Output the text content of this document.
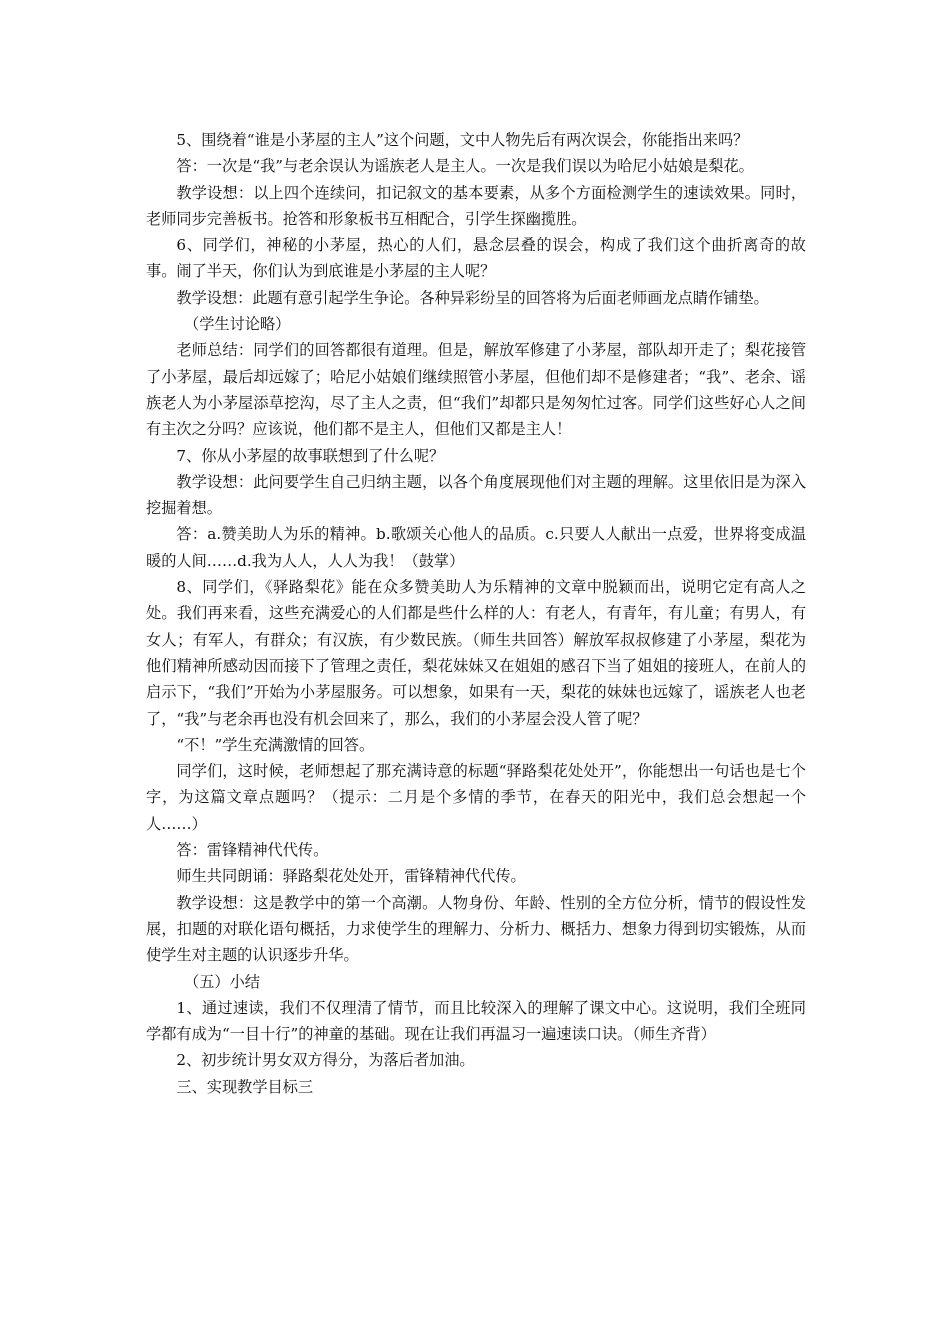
5、围绕着“谁是小茅屋的主人”这个问题，文中人物先后有两次误会，你能指出来吗？

答：一次是“我”与老余误认为谣族老人是主人。一次是我们误以为哈尼小姑娘是梨花。

教学设想：以上四个连续问，扣记叙文的基本要素，从多个方面检测学生的速读效果。同时，老师同步完善板书。抢答和形象板书互相配合，引学生探幽揽胜。

6、同学们，神秘的小茅屋，热心的人们，悬念层叠的误会，构成了我们这个曲折离奇的故事。闹了半天，你们认为到底谁是小茅屋的主人呢？

教学设想：此题有意引起学生争论。各种异彩纷呈的回答将为后面老师画龙点睛作铺垫。

（学生讨论略）

老师总结：同学们的回答都很有道理。但是，解放军修建了小茅屋，部队却开走了；梨花接管了小茅屋，最后却远嫁了；哈尼小姑娘们继续照管小茅屋，但他们却不是修建者；“我”、老余、谣族老人为小茅屋添草挖沟，尽了主人之责，但“我们”却都只是匆匆忙过客。同学们这些好心人之间有主次之分吗？应该说，他们都不是主人，但他们又都是主人！

7、你从小茅屋的故事联想到了什么呢？

教学设想：此问要学生自己归纳主题，以各个角度展现他们对主题的理解。这里依旧是为深入挖掘着想。

答：a.赞美助人为乐的精神。b.歌颂关心他人的品质。c.只要人人献出一点爱，世界将变成温暖的人间……d.我为人人，人人为我！（鼓掌）

8、同学们，《驿路梨花》能在众多赞美助人为乐精神的文章中脱颖而出，说明它定有高人之处。我们再来看，这些充满爱心的人们都是些什么样的人：有老人，有青年，有儿童；有男人，有女人；有军人，有群众；有汉族，有少数民族。（师生共回答）解放军叔叔修建了小茅屋，梨花为他们精神所感动因而接下了管理之责任，梨花妹妹又在姐姐的感召下当了姐姐的接班人，在前人的启示下，“我们”开始为小茅屋服务。可以想象，如果有一天，梨花的妹妹也远嫁了，谣族老人也老了，“我”与老余再也没有机会回来了，那么，我们的小茅屋会没人管了呢？

“不！”学生充满激情的回答。

同学们，这时候，老师想起了那充满诗意的标题“驿路梨花处处开”，你能想出一句话也是七个字，为这篇文章点题吗？（提示：二月是个多情的季节，在春天的阳光中，我们总会想起一个人……）

答：雷锋精神代代传。

师生共同朗诵：驿路梨花处处开，雷锋精神代代传。

教学设想：这是教学中的第一个高潮。人物身份、年龄、性别的全方位分析，情节的假设性发展，扣题的对联化语句概括，力求使学生的理解力、分析力、概括力、想象力得到切实锻炼，从而使学生对主题的认识逐步升华。

（五）小结

1、通过速读，我们不仅理清了情节，而且比较深入的理解了课文中心。这说明，我们全班同学都有成为“一目十行”的神童的基础。现在让我们再温习一遍速读口诀。（师生齐背）

2、初步统计男女双方得分，为落后者加油。

三、实现教学目标三
